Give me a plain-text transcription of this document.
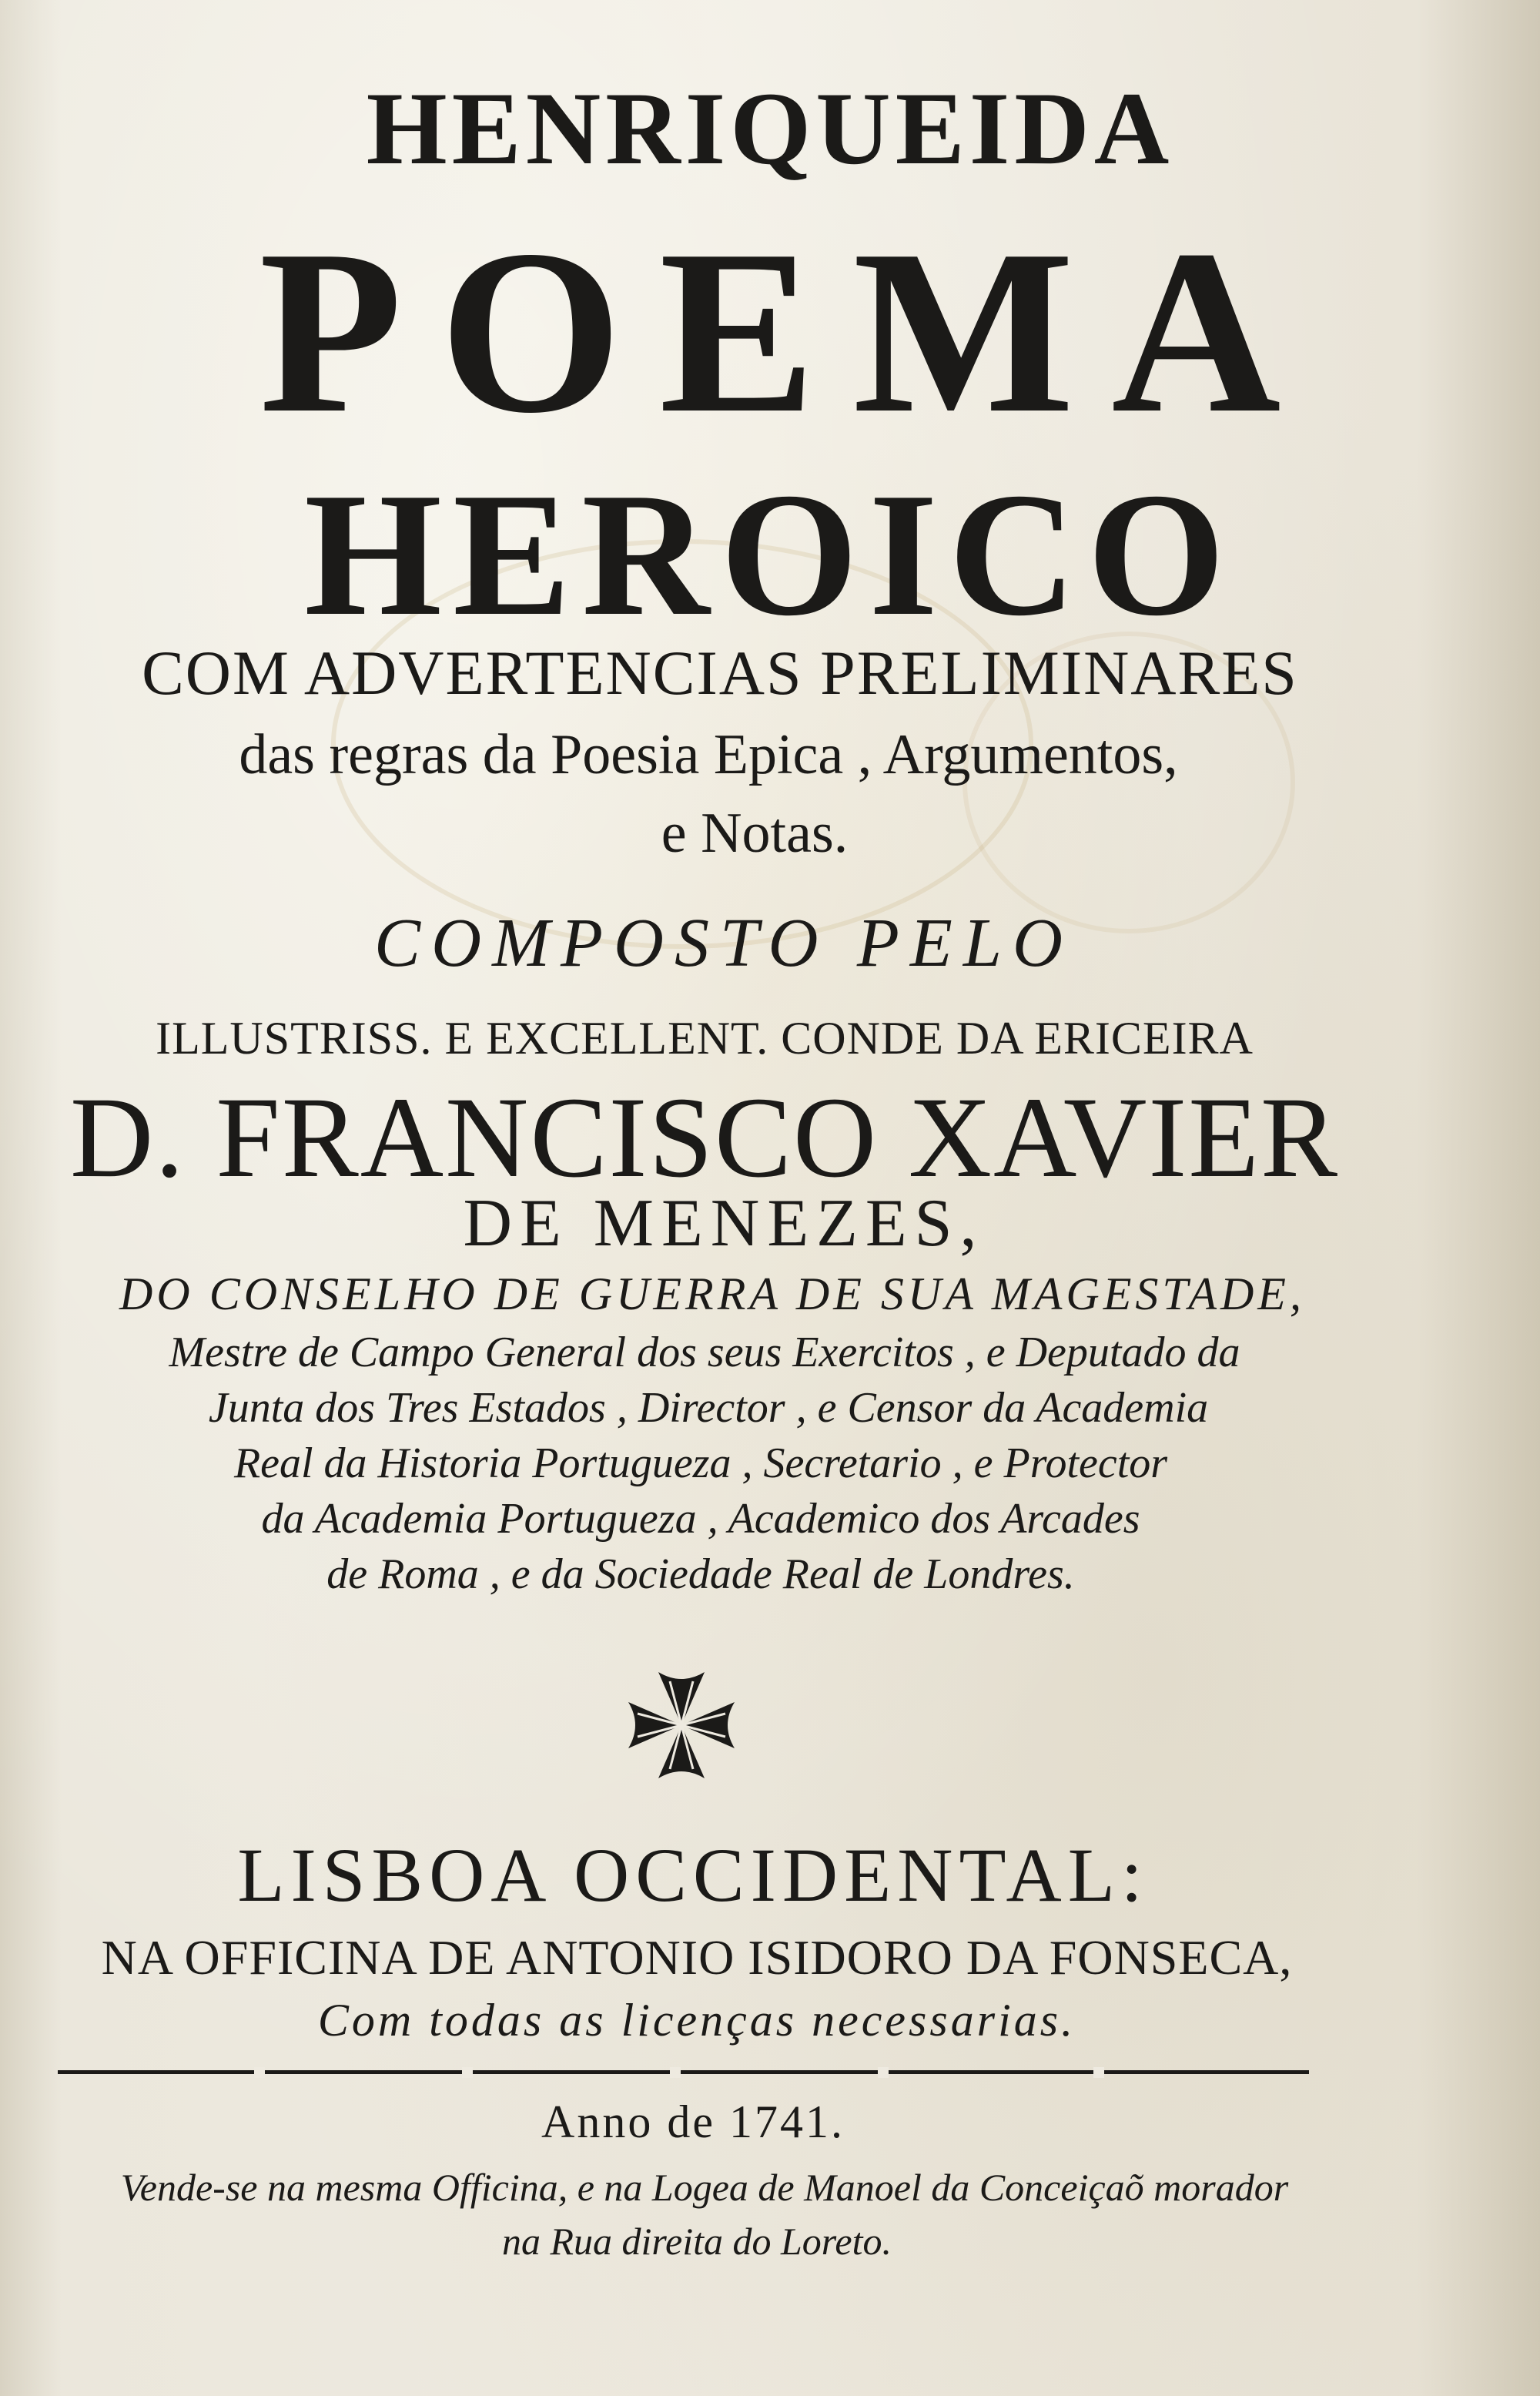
HENRIQUEIDA
POEMA
HEROICO
COM ADVERTENCIAS PRELIMINARES
das regras da Poesia Epica , Argumentos,
e Notas.
COMPOSTO PELO
ILLUSTRISS. E EXCELLENT. CONDE DA ERICEIRA
D. FRANCISCO XAVIER
DE MENEZES,
DO CONSELHO DE GUERRA DE SUA MAGESTADE,
Mestre de Campo General dos seus Exercitos , e Deputado da
Junta dos Tres Estados , Director , e Censor da Academia
Real da Historia Portugueza , Secretario , e Protector
da Academia Portugueza , Academico dos Arcades
de Roma , e da Sociedade Real de Londres.
LISBOA OCCIDENTAL:
NA OFFICINA DE ANTONIO ISIDORO DA FONSECA,
Com todas as licenças necessarias.
Anno de 1741.
Vende-se na mesma Officina, e na Logea de Manoel da Conceiçaõ morador
na Rua direita do Loreto.
